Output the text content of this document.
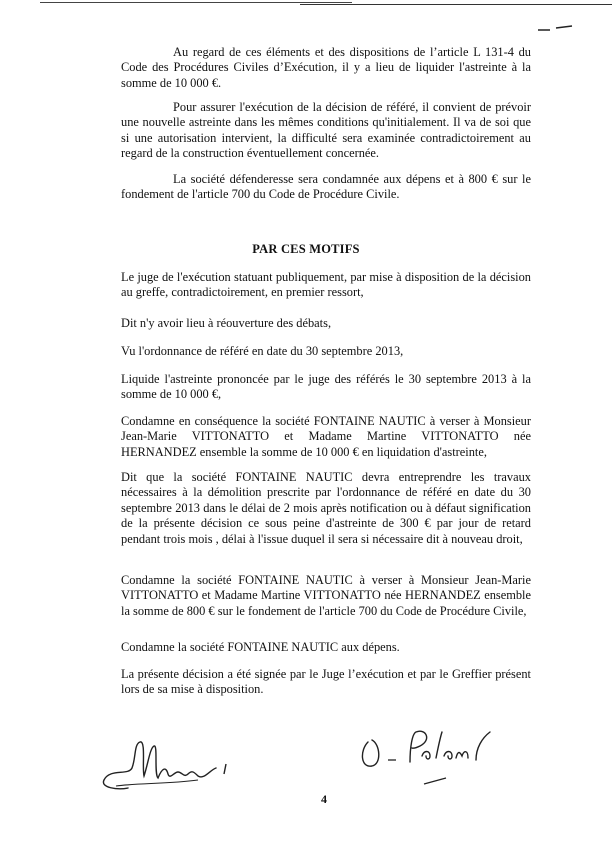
Au regard de ces éléments et des dispositions de l’article L 131-4 du Code des Procédures Civiles d’Exécution, il y a lieu de liquider l'astreinte à la somme de 10 000 €.

Pour assurer l'exécution de la décision de référé, il convient de prévoir une nouvelle astreinte dans les mêmes conditions qu'initialement. Il va de soi que si une autorisation intervient, la difficulté sera examinée contradictoirement au regard de la construction éventuellement concernée.

La société défenderesse sera condamnée aux dépens et à 800 € sur le fondement de l'article 700 du Code de Procédure Civile.

PAR CES MOTIFS

Le juge de l'exécution statuant publiquement, par mise à disposition de la décision au greffe, contradictoirement, en premier ressort,

Dit n'y avoir lieu à réouverture des débats,

Vu l'ordonnance de référé en date du 30 septembre 2013,

Liquide l'astreinte prononcée par le juge des référés le 30 septembre 2013 à la somme de 10 000 €,

Condamne en conséquence la société FONTAINE NAUTIC à verser à Monsieur Jean-Marie VITTONATTO et Madame Martine VITTONATTO née HERNANDEZ ensemble la somme de 10 000 € en liquidation d'astreinte,

Dit que la société FONTAINE NAUTIC devra entreprendre les travaux nécessaires à la démolition prescrite par l'ordonnance de référé en date du 30 septembre 2013 dans le délai de 2 mois après notification ou à défaut signification de la présente décision ce sous peine d'astreinte de 300 € par jour de retard pendant trois mois , délai à l'issue duquel il sera si nécessaire dit à nouveau droit,

Condamne la société FONTAINE NAUTIC à verser à Monsieur Jean-Marie VITTONATTO et Madame Martine VITTONATTO née HERNANDEZ ensemble la somme de 800 € sur le fondement de l'article 700 du Code de Procédure Civile,

Condamne la société FONTAINE NAUTIC aux dépens.

La présente décision a été signée par le Juge l’exécution et par le Greffier présent lors de sa mise à disposition.

4
